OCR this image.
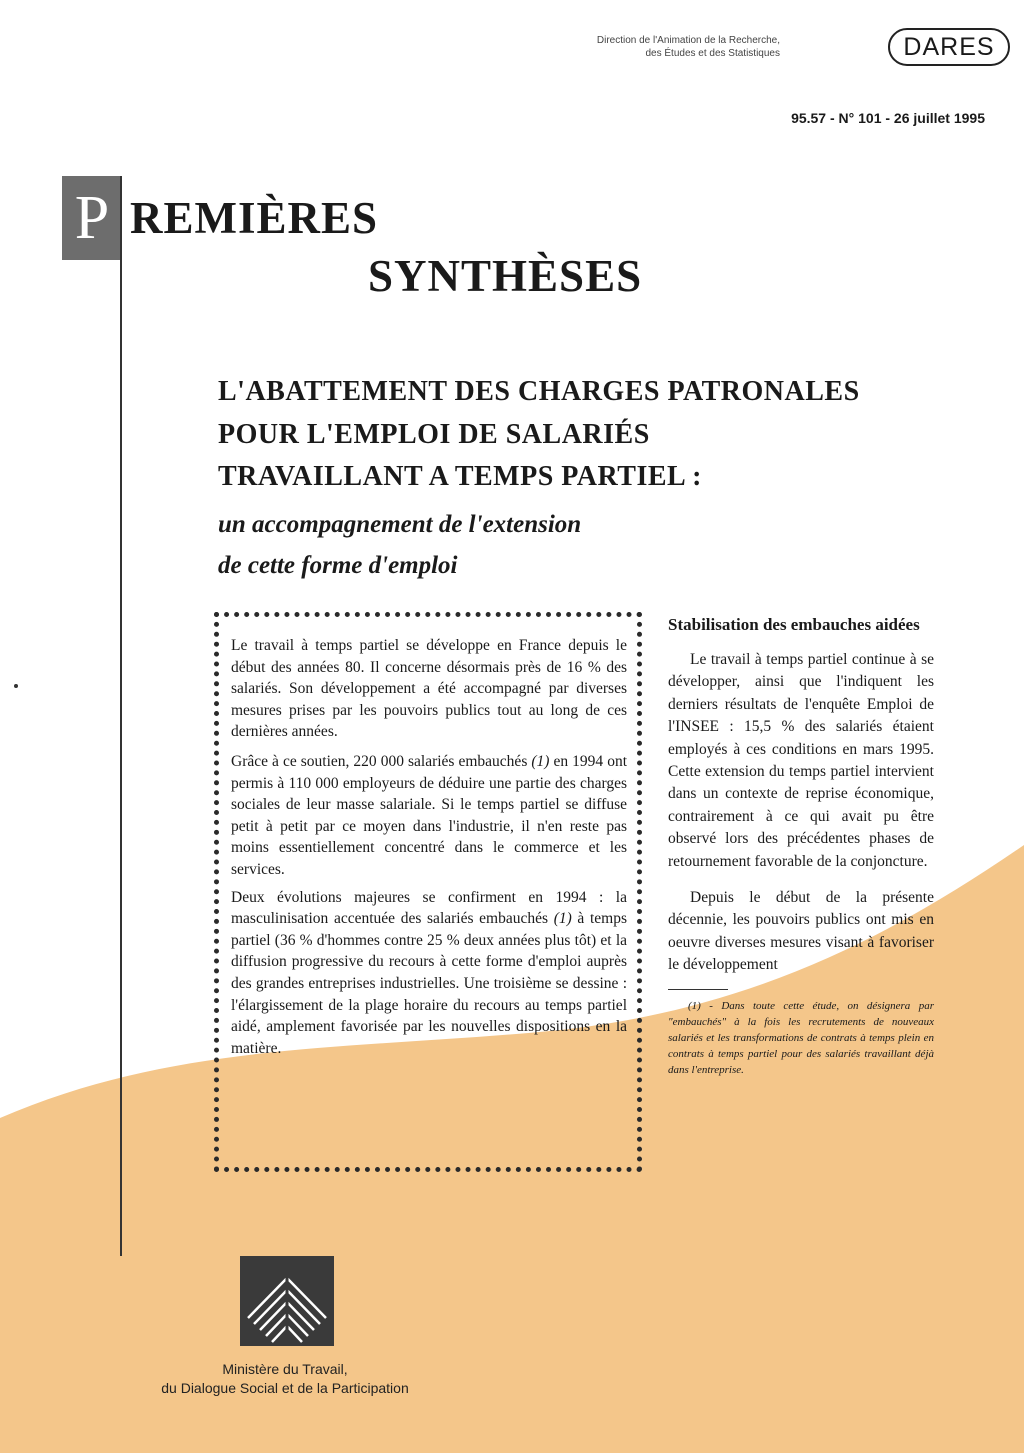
Direction de l'Animation de la Recherche,
des Études et des Statistiques	DARES
95.57 - N° 101 - 26 juillet 1995
P REMIÈRES
SYNTHÈSES
L'ABATTEMENT DES CHARGES PATRONALES
POUR L'EMPLOI DE SALARIÉS
TRAVAILLANT A TEMPS PARTIEL :
un accompagnement de l'extension
de cette forme d'emploi

Le travail à temps partiel se développe en France depuis le début des années 80. Il concerne désormais près de 16 % des salariés. Son développement a été accompagné par diverses mesures prises par les pouvoirs publics tout au long de ces dernières années.

Grâce à ce soutien, 220 000 salariés embauchés (1) en 1994 ont permis à 110 000 employeurs de déduire une partie des charges sociales de leur masse salariale. Si le temps partiel se diffuse petit à petit par ce moyen dans l'industrie, il n'en reste pas moins essentiellement concentré dans le commerce et les services.

Deux évolutions majeures se confirment en 1994 : la masculinisation accentuée des salariés embauchés (1) à temps partiel (36 % d'hommes contre 25 % deux années plus tôt) et la diffusion progressive du recours à cette forme d'emploi auprès des grandes entreprises industrielles. Une troisième se dessine : l'élargissement de la plage horaire du recours au temps partiel aidé, amplement favorisée par les nouvelles dispositions en la matière.

Stabilisation des embauches aidées

Le travail à temps partiel continue à se développer, ainsi que l'indiquent les derniers résultats de l'enquête Emploi de l'INSEE : 15,5 % des salariés étaient employés à ces conditions en mars 1995. Cette extension du temps partiel intervient dans un contexte de reprise économique, contrairement à ce qui avait pu être observé lors des précédentes phases de retournement favorable de la conjoncture.

Depuis le début de la présente décennie, les pouvoirs publics ont mis en oeuvre diverses mesures visant à favoriser le développement

(1) - Dans toute cette étude, on désignera par "embauchés" à la fois les recrutements de nouveaux salariés et les transformations de contrats à temps plein en contrats à temps partiel pour des salariés travaillant déjà dans l'entreprise.

Ministère du Travail,
du Dialogue Social et de la Participation
